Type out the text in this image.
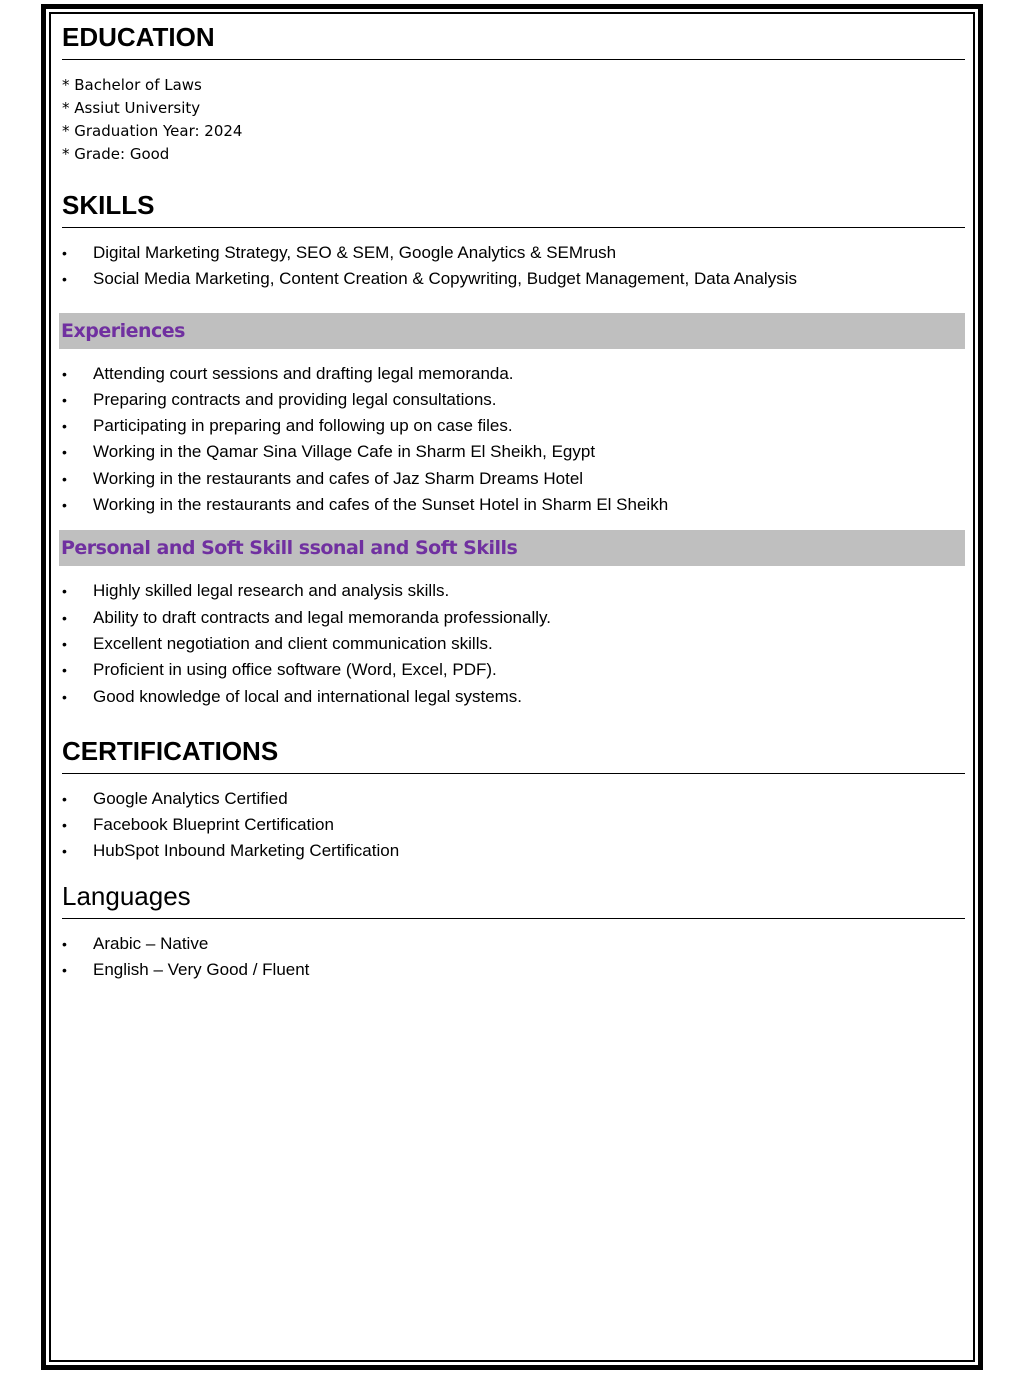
EDUCATION
* Bachelor of Laws
* Assiut University
* Graduation Year: 2024
* Grade: Good
SKILLS
• Digital Marketing Strategy, SEO & SEM, Google Analytics & SEMrush
• Social Media Marketing, Content Creation & Copywriting, Budget Management, Data Analysis
Experiences
• Attending court sessions and drafting legal memoranda.
• Preparing contracts and providing legal consultations.
• Participating in preparing and following up on case files.
• Working in the Qamar Sina Village Cafe in Sharm El Sheikh, Egypt
• Working in the restaurants and cafes of Jaz Sharm Dreams Hotel
• Working in the restaurants and cafes of the Sunset Hotel in Sharm El Sheikh
Personal and Soft Skill ssonal and Soft Skills
• Highly skilled legal research and analysis skills.
• Ability to draft contracts and legal memoranda professionally.
• Excellent negotiation and client communication skills.
• Proficient in using office software (Word, Excel, PDF).
• Good knowledge of local and international legal systems.
CERTIFICATIONS
• Google Analytics Certified
• Facebook Blueprint Certification
• HubSpot Inbound Marketing Certification
Languages
• Arabic – Native
• English – Very Good / Fluent
